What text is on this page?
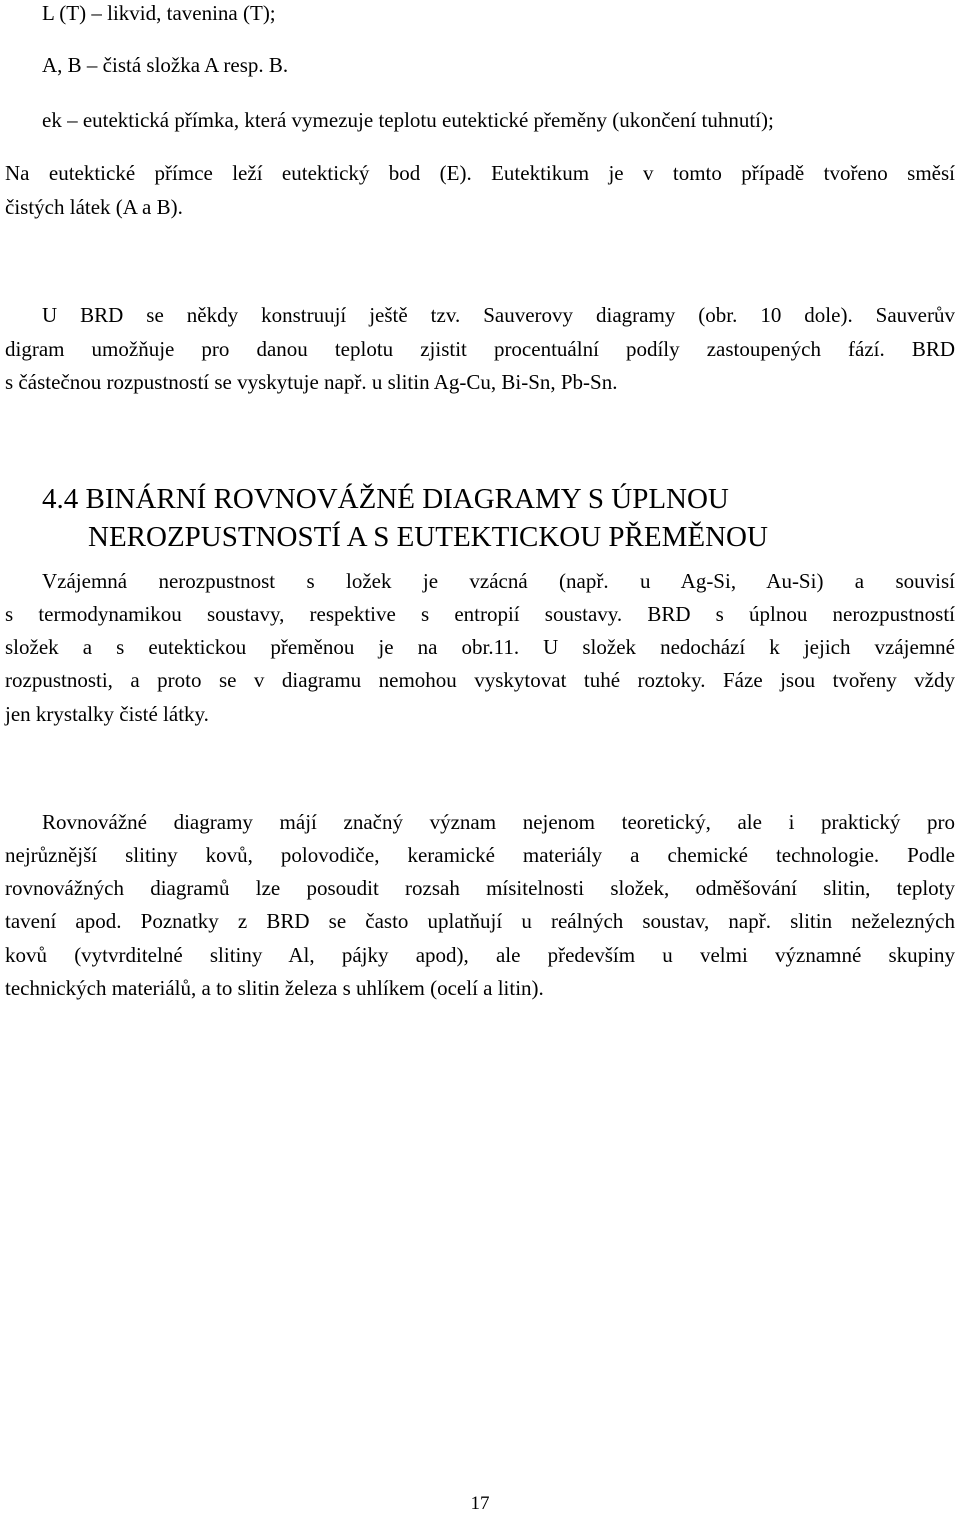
L (T) – likvid, tavenina (T);
A, B – čistá složka A resp. B.
ek – eutektická přímka, která vymezuje teplotu eutektické přeměny (ukončení tuhnutí);
Na eutektické přímce leží eutektický bod (E). Eutektikum je v tomto případě tvořeno směsí
čistých látek (A a B).
U BRD se někdy konstruují ještě tzv. Sauverovy diagramy (obr. 10 dole). Sauverův
digram umožňuje pro danou teplotu zjistit procentuální podíly zastoupených fází. BRD
s částečnou rozpustností se vyskytuje např. u slitin Ag-Cu, Bi-Sn, Pb-Sn.
4.4 BINÁRNÍ ROVNOVÁŽNÉ DIAGRAMY S ÚPLNOU
NEROZPUSTNOSTÍ A S EUTEKTICKOU PŘEMĚNOU
Vzájemná nerozpustnost s ložek je vzácná (např. u Ag-Si, Au-Si) a souvisí
s termodynamikou soustavy, respektive s entropií soustavy. BRD s úplnou nerozpustností
složek a s eutektickou přeměnou je na obr.11. U složek nedochází k jejich vzájemné
rozpustnosti, a proto se v diagramu nemohou vyskytovat tuhé roztoky. Fáze jsou tvořeny vždy
jen krystalky čisté látky.
Rovnovážné diagramy májí značný význam nejenom teoretický, ale i praktický pro
nejrůznější slitiny kovů, polovodiče, keramické materiály a chemické technologie. Podle
rovnovážných diagramů lze posoudit rozsah mísitelnosti složek, odměšování slitin, teploty
tavení apod. Poznatky z BRD se často uplatňují u reálných soustav, např. slitin neželezných
kovů (vytvrditelné slitiny Al, pájky apod), ale především u velmi významné skupiny
technických materiálů, a to slitin železa s uhlíkem (ocelí a litin).
17
